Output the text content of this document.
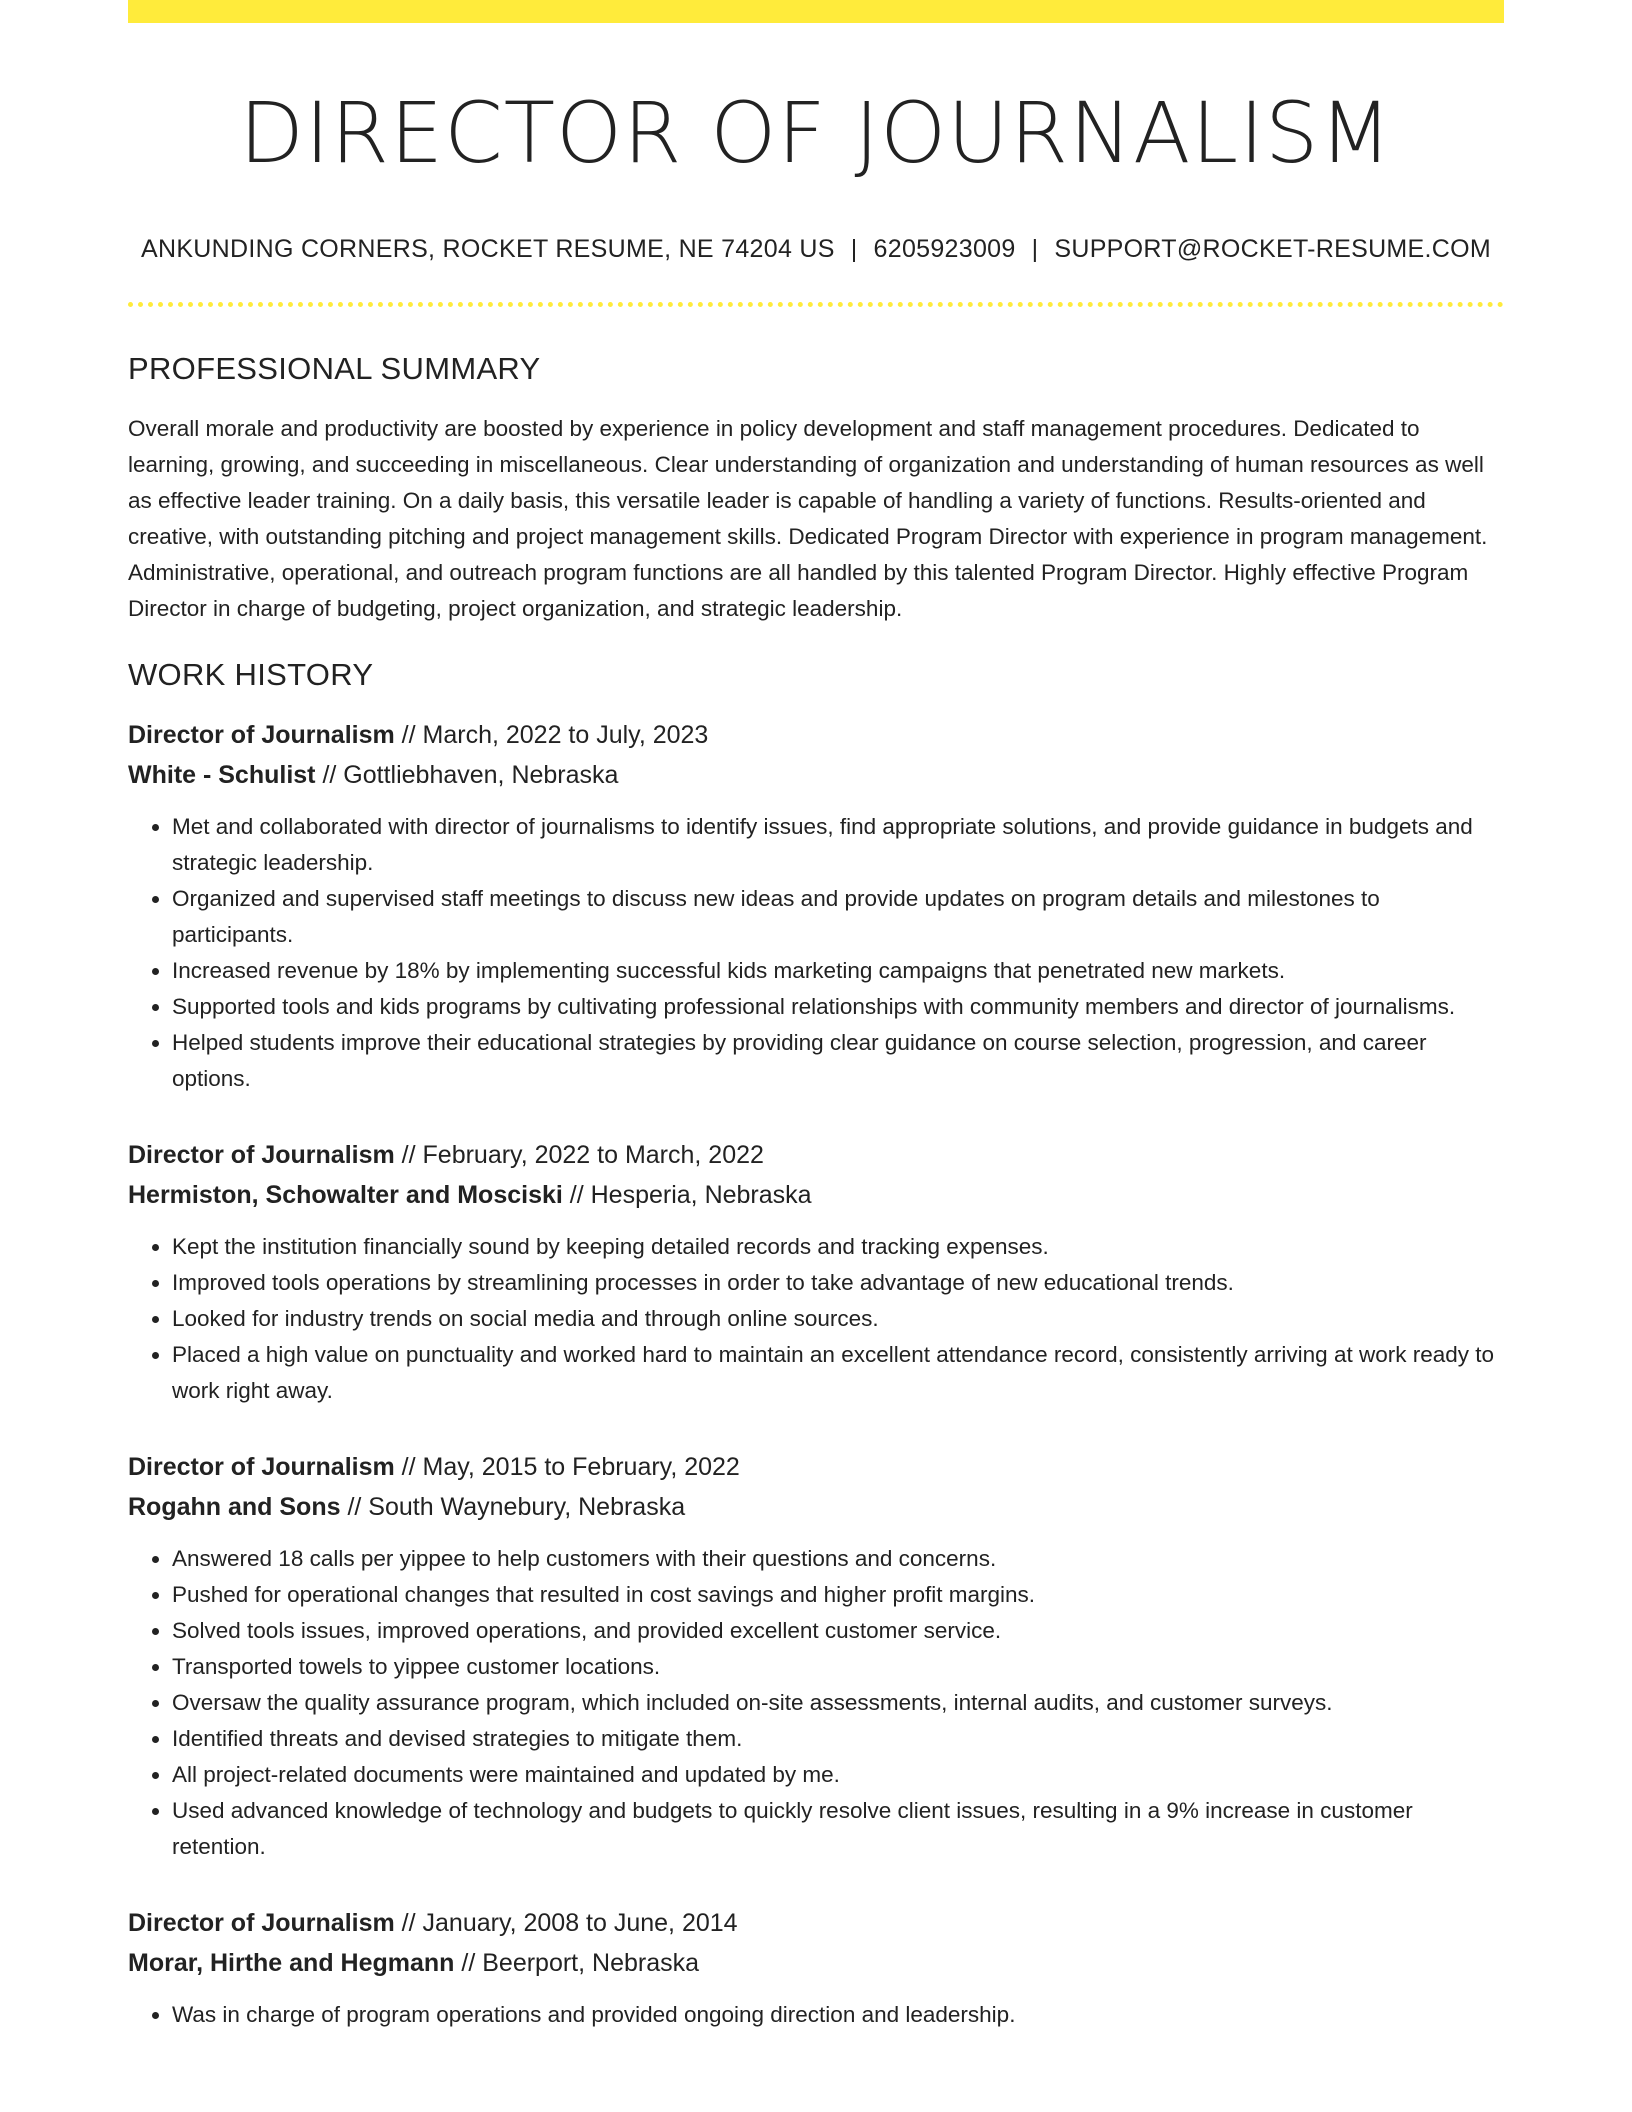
DIRECTOR OF JOURNALISM
ANKUNDING CORNERS, ROCKET RESUME, NE 74204 US | 6205923009 | SUPPORT@ROCKET-RESUME.COM
PROFESSIONAL SUMMARY

Overall morale and productivity are boosted by experience in policy development and staff management procedures. Dedicated to learning, growing, and succeeding in miscellaneous. Clear understanding of organization and understanding of human resources as well as effective leader training. On a daily basis, this versatile leader is capable of handling a variety of functions. Results-oriented and creative, with outstanding pitching and project management skills. Dedicated Program Director with experience in program management. Administrative, operational, and outreach program functions are all handled by this talented Program Director. Highly effective Program Director in charge of budgeting, project organization, and strategic leadership.

WORK HISTORY
Director of Journalism // March, 2022 to July, 2023
White - Schulist // Gottliebhaven, Nebraska
• Met and collaborated with director of journalisms to identify issues, find appropriate solutions, and provide guidance in budgets and strategic leadership.
• Organized and supervised staff meetings to discuss new ideas and provide updates on program details and milestones to participants.
• Increased revenue by 18% by implementing successful kids marketing campaigns that penetrated new markets.
• Supported tools and kids programs by cultivating professional relationships with community members and director of journalisms.
• Helped students improve their educational strategies by providing clear guidance on course selection, progression, and career options.
Director of Journalism // February, 2022 to March, 2022
Hermiston, Schowalter and Mosciski // Hesperia, Nebraska
• Kept the institution financially sound by keeping detailed records and tracking expenses.
• Improved tools operations by streamlining processes in order to take advantage of new educational trends.
• Looked for industry trends on social media and through online sources.
• Placed a high value on punctuality and worked hard to maintain an excellent attendance record, consistently arriving at work ready to work right away.
Director of Journalism // May, 2015 to February, 2022
Rogahn and Sons // South Waynebury, Nebraska
• Answered 18 calls per yippee to help customers with their questions and concerns.
• Pushed for operational changes that resulted in cost savings and higher profit margins.
• Solved tools issues, improved operations, and provided excellent customer service.
• Transported towels to yippee customer locations.
• Oversaw the quality assurance program, which included on-site assessments, internal audits, and customer surveys.
• Identified threats and devised strategies to mitigate them.
• All project-related documents were maintained and updated by me.
• Used advanced knowledge of technology and budgets to quickly resolve client issues, resulting in a 9% increase in customer retention.
Director of Journalism // January, 2008 to June, 2014
Morar, Hirthe and Hegmann // Beerport, Nebraska
• Was in charge of program operations and provided ongoing direction and leadership.
